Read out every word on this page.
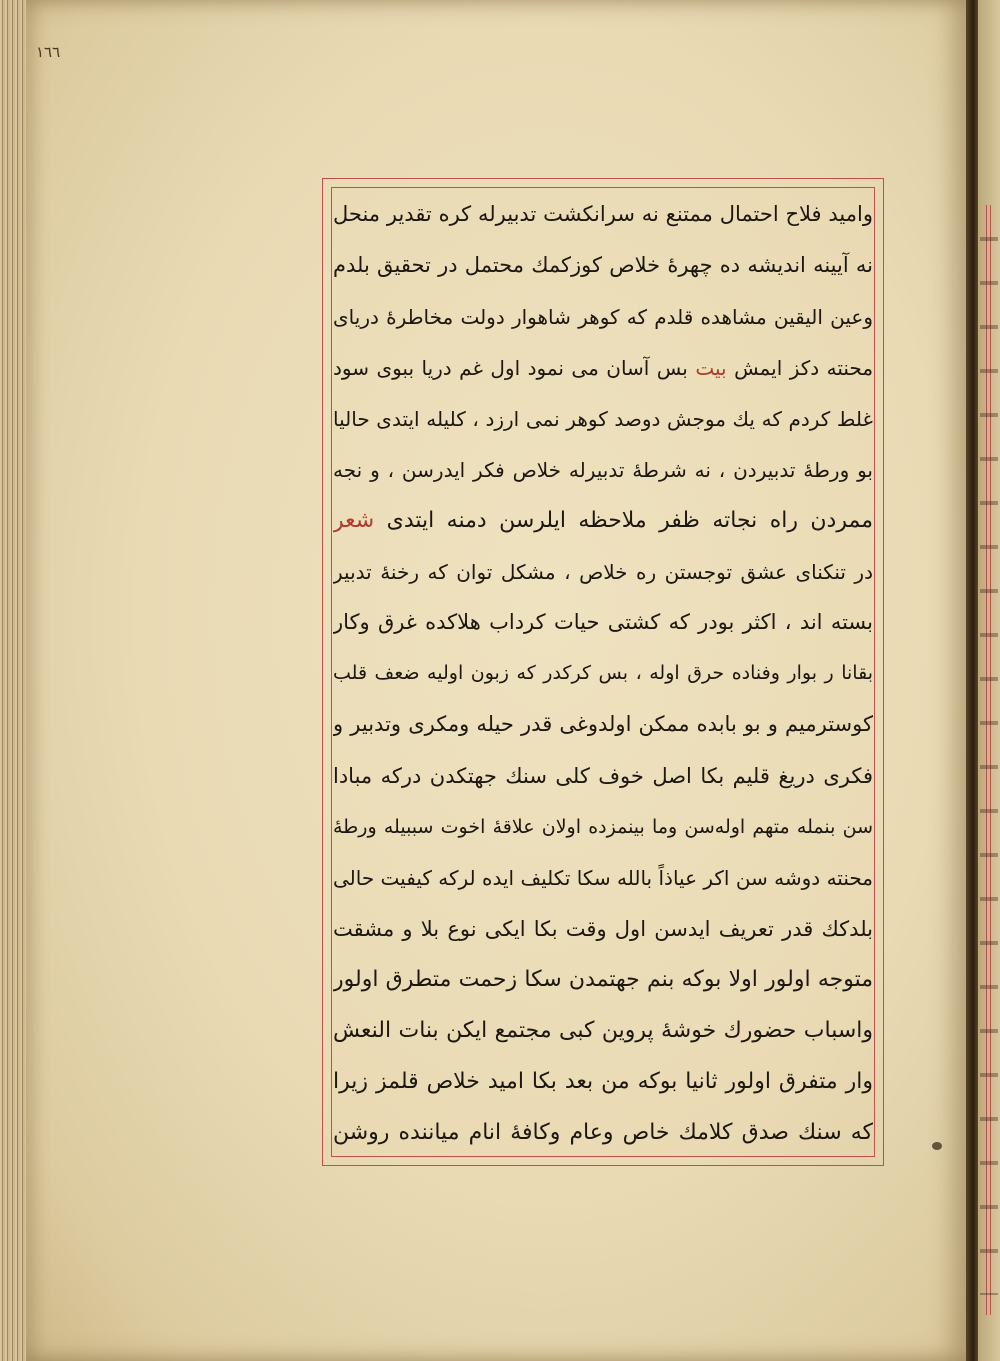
١٦٦
وامید فلاح احتمال ممتنع نه سرانکشت تدبیرله کره تقدیر منحل
نه آیینه اندیشه ده چهرهٔ خلاص کوزکمك محتمل در تحقیق بلدم
وعین الیقین مشاهده قلدم که کوهر شاهوار دولت مخاطرهٔ دریای
محنته دکز ایمش بیت بس آسان می نمود اول غم دریا ببوی سود
غلط کردم که یك موجش دوصد کوهر نمی ارزد ، کلیله ایتدی حالیا
بو ورطهٔ تدبیردن ، نه شرطهٔ تدبیرله خلاص فکر ایدرسن ، و نجه
ممردن راه نجاته ظفر ملاحظه ایلرسن دمنه ایتدی شعر
در تنکنای عشق توجستن ره خلاص ، مشکل توان که رخنهٔ تدبیر
بسته اند ، اکثر بودر که کشتی حیات کرداب هلاکده غرق وکار
بقانا ر بوار وفناده حرق اوله ، بس کرکدر که زبون اولیه ضعف قلب
کوسترمیم و بو بابده ممکن اولدوغی قدر حیله ومکری وتدبیر و
فکری دریغ قلیم بکا اصل خوف کلی سنك جهتکدن درکه مبادا
سن بنمله متهم اولەسن وما بینمزده اولان علاقهٔ اخوت سببیله ورطهٔ
محنته دوشه سن اکر عیاذاً بالله سکا تکلیف ایده لرکه کیفیت حالی
بلدکك قدر تعریف ایدسن اول وقت بکا ایکی نوع بلا و مشقت
متوجه اولور اولا بوکه بنم جهتمدن سکا زحمت متطرق اولور
واسباب حضورك خوشهٔ پروین کبی مجتمع ایکن بنات النعش
وار متفرق اولور ثانیا بوکه من بعد بکا امید خلاص قلمز زیرا
که سنك صدق کلامك خاص وعام وکافهٔ انام میاننده روشن
